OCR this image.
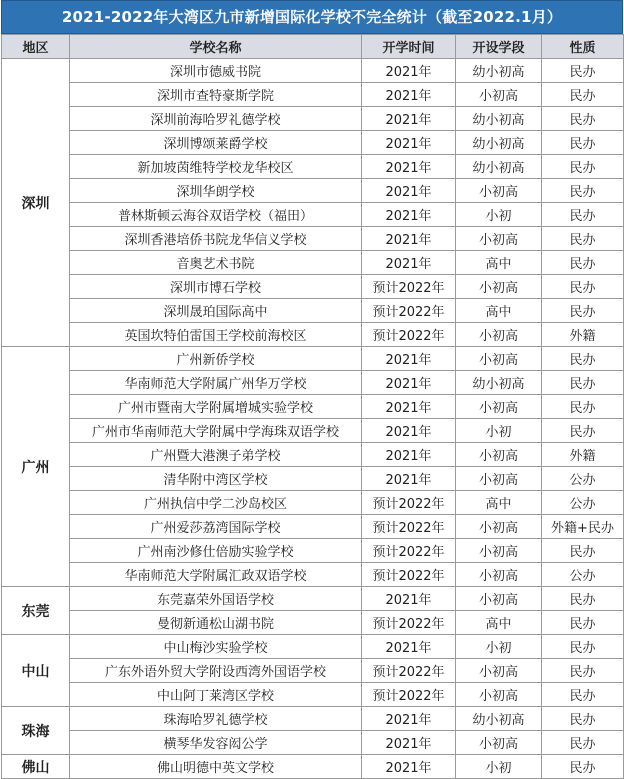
2021-2022年大湾区九市新增国际化学校不完全统计（截至2022.1月）
地区	学校名称	开学时间	开设学段	性质
深圳	深圳市德威书院	2021年	幼小初高	民办
	深圳市查特豪斯学院	2021年	小初高	民办
	深圳前海哈罗礼德学校	2021年	幼小初高	民办
	深圳博颂莱爵学校	2021年	幼小初高	民办
	新加坡茵维特学校龙华校区	2021年	幼小初高	民办
	深圳华朗学校	2021年	小初高	民办
	普林斯顿云海谷双语学校（福田）	2021年	小初	民办
	深圳香港培侨书院龙华信义学校	2021年	小初高	民办
	音奥艺术书院	2021年	高中	民办
	深圳市博石学校	预计2022年	小初高	民办
	深圳晟珀国际高中	预计2022年	高中	民办
	英国坎特伯雷国王学校前海校区	预计2022年	小初高	外籍
广州	广州新侨学校	2021年	小初高	民办
	华南师范大学附属广州华万学校	2021年	幼小初高	民办
	广州市暨南大学附属增城实验学校	2021年	小初高	民办
	广州市华南师范大学附属中学海珠双语学校	2021年	小初	民办
	广州暨大港澳子弟学校	2021年	小初高	外籍
	清华附中湾区学校	2021年	小初高	公办
	广州执信中学二沙岛校区	预计2022年	高中	公办
	广州爱莎荔湾国际学校	预计2022年	小初高	外籍+民办
	广州南沙修仕倍励实验学校	预计2022年	小初高	民办
	华南师范大学附属汇政双语学校	预计2022年	小初高	公办
东莞	东莞嘉荣外国语学校	2021年	小初高	民办
	曼彻新通松山湖书院	预计2022年	高中	民办
中山	中山梅沙实验学校	2021年	小初	民办
	广东外语外贸大学附设西湾外国语学校	预计2022年	小初高	民办
	中山阿丁莱湾区学校	预计2022年	小初高	民办
珠海	珠海哈罗礼德学校	2021年	幼小初高	民办
	横琴华发容闳公学	2021年	小初高	民办
佛山	佛山明德中英文学校	2021年	小初	民办
